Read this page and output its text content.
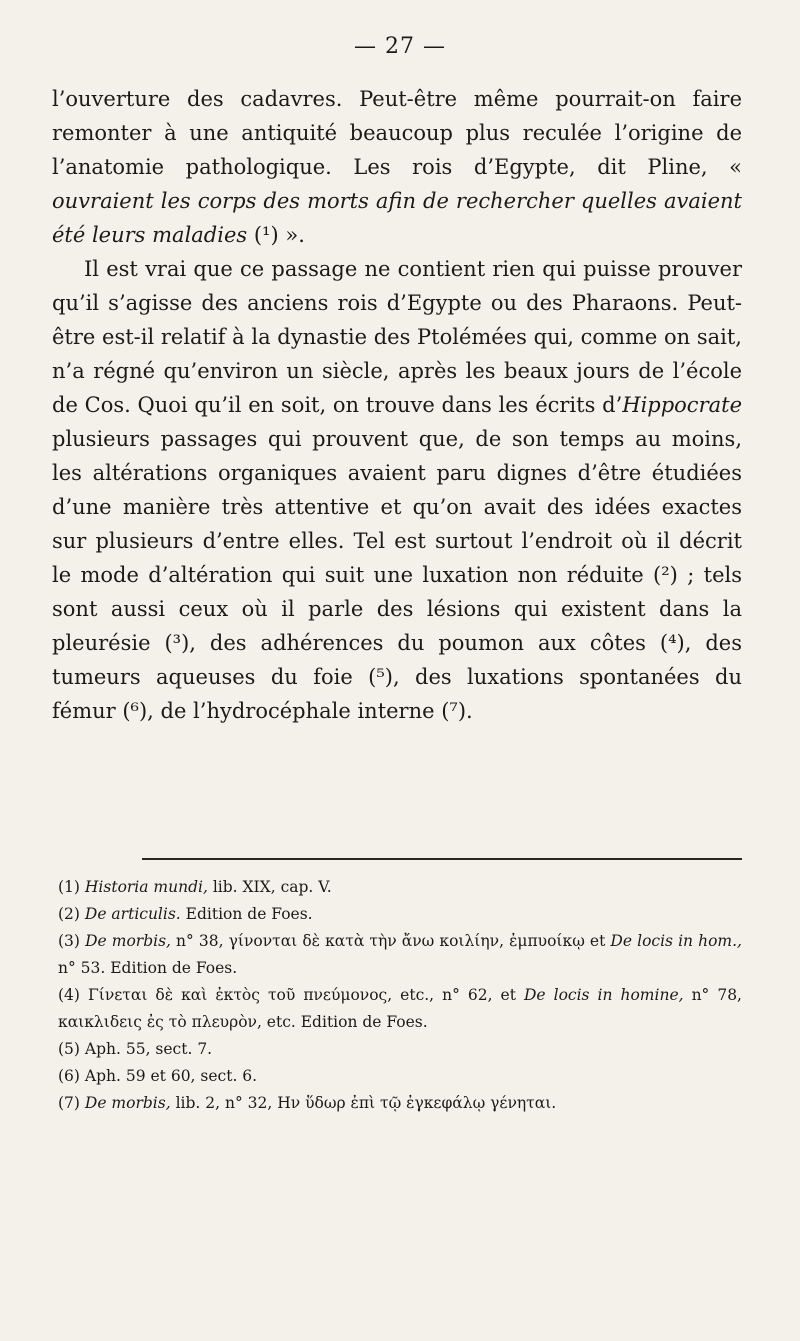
— 27 —

l’ouverture des cadavres. Peut-être même pourrait-on faire remonter à une antiquité beaucoup plus reculée l’origine de l’anatomie pathologique. Les rois d’Egypte, dit Pline, « ouvraient les corps des morts afin de rechercher quelles avaient été leurs maladies (¹) ».

Il est vrai que ce passage ne contient rien qui puisse prouver qu’il s’agisse des anciens rois d’Egypte ou des Pharaons. Peut-être est-il relatif à la dynastie des Ptolémées qui, comme on sait, n’a régné qu’environ un siècle, après les beaux jours de l’école de Cos. Quoi qu’il en soit, on trouve dans les écrits d’Hippocrate plusieurs passages qui prouvent que, de son temps au moins, les altérations organiques avaient paru dignes d’être étudiées d’une manière très attentive et qu’on avait des idées exactes sur plusieurs d’entre elles. Tel est surtout l’endroit où il décrit le mode d’altération qui suit une luxation non réduite (²) ; tels sont aussi ceux où il parle des lésions qui existent dans la pleurésie (³), des adhérences du poumon aux côtes (⁴), des tumeurs aqueuses du foie (⁵), des luxations spontanées du fémur (⁶), de l’hydrocéphale interne (⁷).

(1) Historia mundi, lib. XIX, cap. V.

(2) De articulis. Edition de Foes.

(3) De morbis, n° 38, γίνονται δὲ κατὰ τὴν ἄνω κοιλίην, ἐμπυοίκῳ et De locis in hom., n° 53. Edition de Foes.

(4) Γίνεται δὲ καὶ ἐκτὸς τοῦ πνεύμονος, etc., n° 62, et De locis in homine, n° 78, καικλιδεις ἐς τὸ πλευρὸν, etc. Edition de Foes.

(5) Aph. 55, sect. 7.

(6) Aph. 59 et 60, sect. 6.

(7) De morbis, lib. 2, n° 32, Ην ὕδωρ ἐπὶ τῷ ἐγκεφάλῳ γένηται.
